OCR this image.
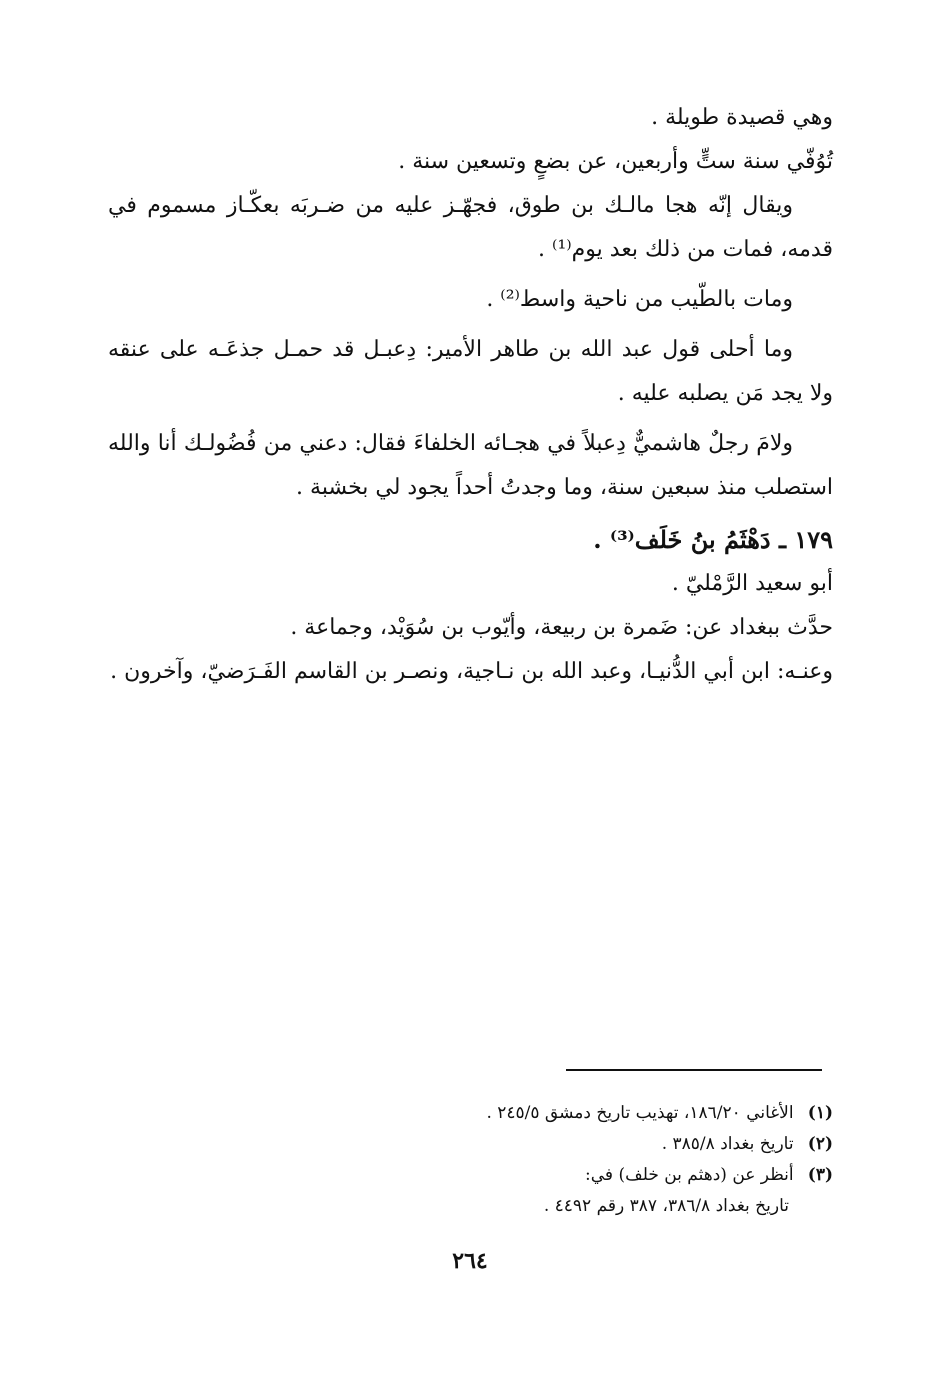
وهي قصيدة طويلة .

تُوُفّي سنة ستٍّ وأربعين، عن بضعٍ وتسعين سنة .

ويقال إنّه هجا مالـك بن طوق، فجهّـز عليه من ضـربَه بعكّـاز مسموم في قدمه، فمات من ذلك بعد يوم⁽¹⁾ .

ومات بالطّيب من ناحية واسط⁽²⁾ .

وما أحلى قول عبد الله بن طاهر الأمير: دِعبـل قد حمـل جذعَـه على عنقه ولا يجد مَن يصلبه عليه .

ولامَ رجلٌ هاشميٌّ دِعبلاً في هجـائه الخلفاءَ فقال: دعني من فُضُولـك أنا والله استصلب منذ سبعين سنة، وما وجدتُ أحداً يجود لي بخشبة .

١٧٩ ـ دَهْثَمُ بنُ خَلَف⁽³⁾ .

أبو سعيد الرَّمْليّ .

حدَّث ببغداد عن: ضَمرة بن ربيعة، وأيّوب بن سُوَيْد، وجماعة .

وعنـه: ابن أبي الدُّنيـا، وعبد الله بن نـاجية، ونصـر بن القاسم الفَـرَضيّ، وآخرون .

(١) الأغاني ١٨٦/٢٠، تهذيب تاريخ دمشق ٢٤٥/٥ .

(٢) تاريخ بغداد ٣٨٥/٨ .

(٣) أنظر عن (دهثم بن خلف) في:

تاريخ بغداد ٣٨٦/٨، ٣٨٧ رقم ٤٤٩٢ .

٢٦٤
